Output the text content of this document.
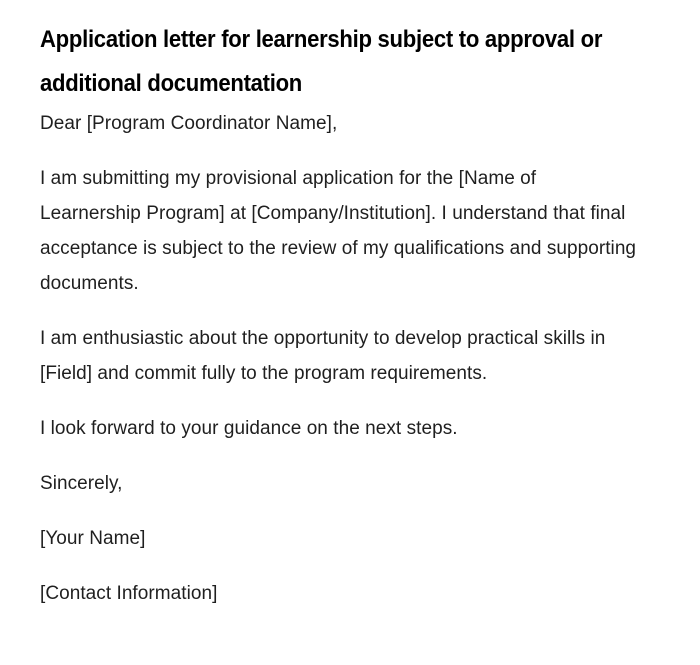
Application letter for learnership subject to approval or additional documentation

Dear [Program Coordinator Name],

I am submitting my provisional application for the [Name of Learnership Program] at [Company/Institution]. I understand that final acceptance is subject to the review of my qualifications and supporting documents.

I am enthusiastic about the opportunity to develop practical skills in [Field] and commit fully to the program requirements.

I look forward to your guidance on the next steps.

Sincerely,

[Your Name]

[Contact Information]
